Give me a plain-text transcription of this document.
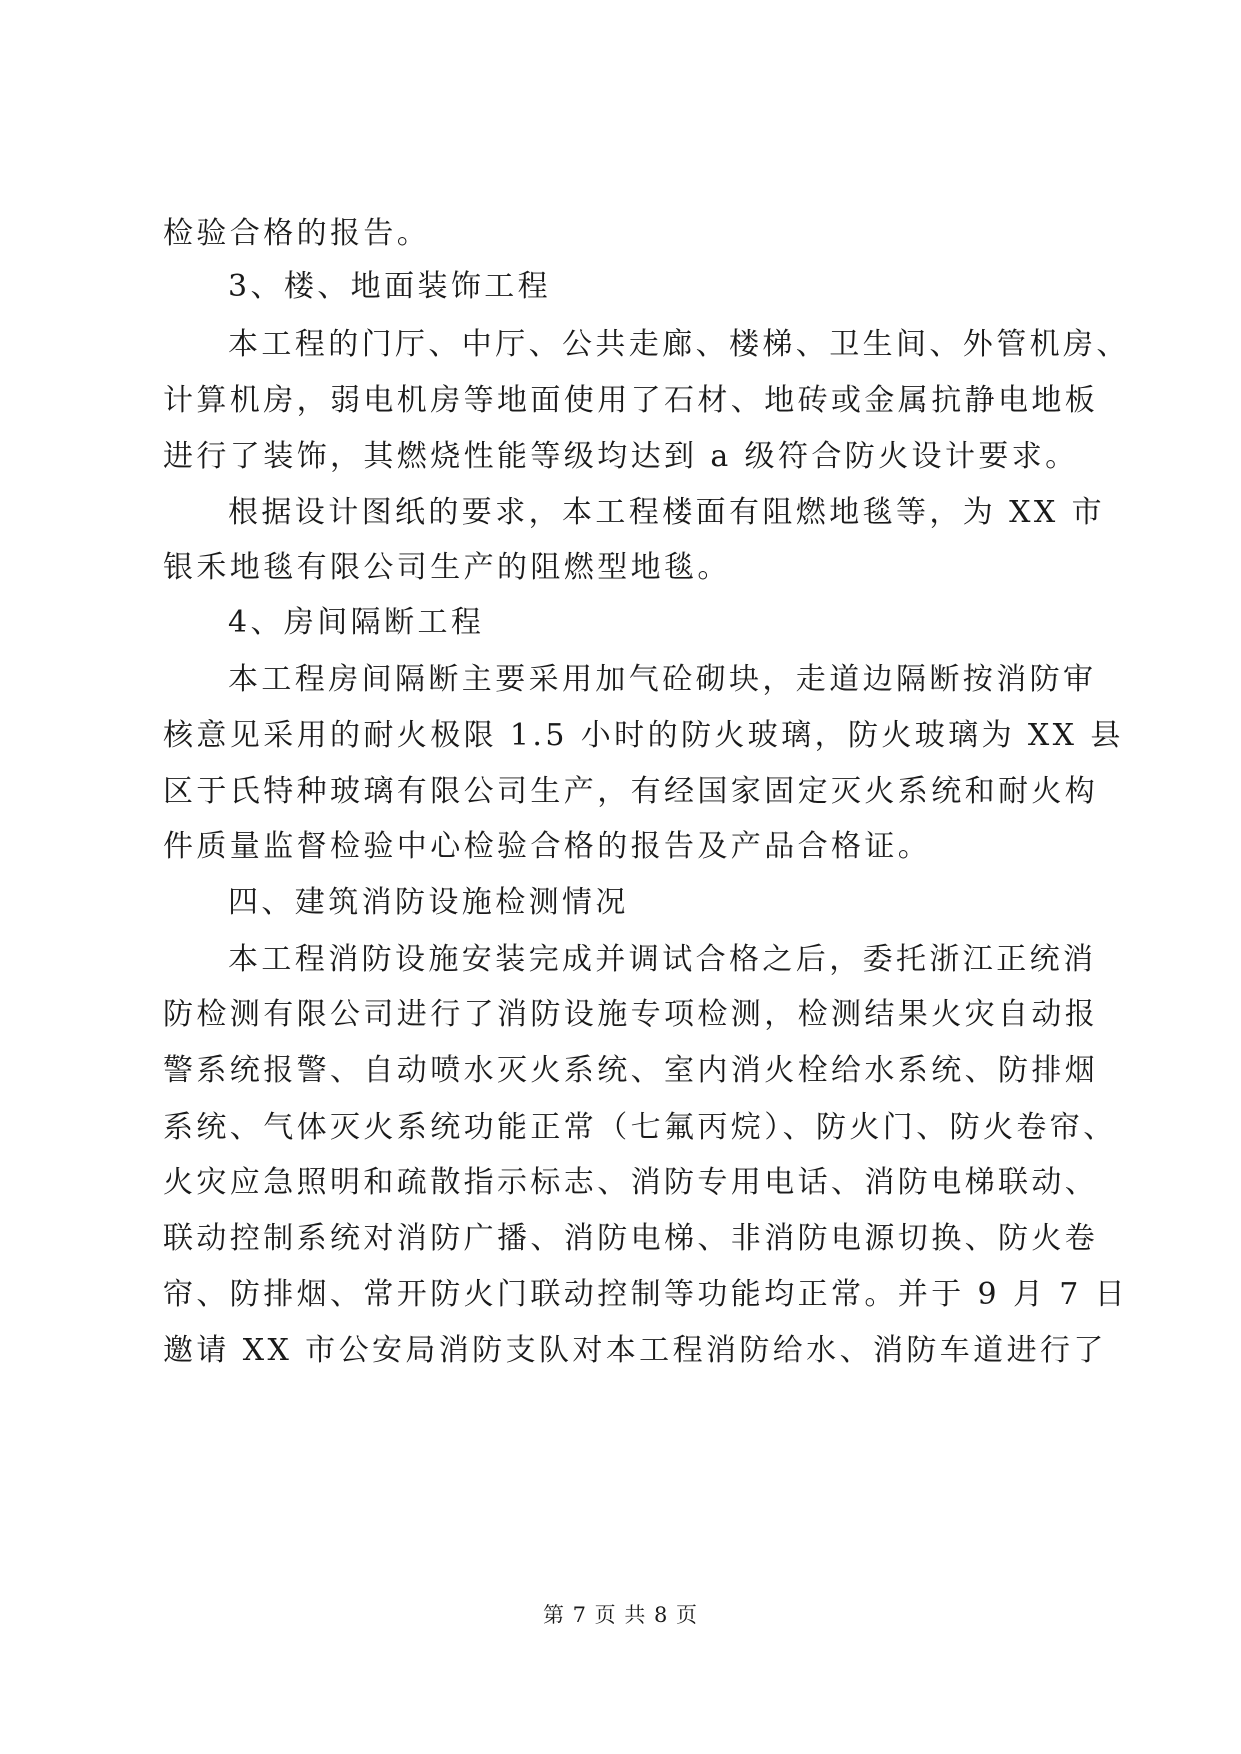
检验合格的报告。
3、楼、地面装饰工程
本工程的门厅、中厅、公共走廊、楼梯、卫生间、外管机房、
计算机房，弱电机房等地面使用了石材、地砖或金属抗静电地板
进行了装饰，其燃烧性能等级均达到 a 级符合防火设计要求。
根据设计图纸的要求，本工程楼面有阻燃地毯等，为 XX 市
银禾地毯有限公司生产的阻燃型地毯。
4、房间隔断工程
本工程房间隔断主要采用加气砼砌块，走道边隔断按消防审
核意见采用的耐火极限 1.5 小时的防火玻璃，防火玻璃为 XX 县
区于氏特种玻璃有限公司生产，有经国家固定灭火系统和耐火构
件质量监督检验中心检验合格的报告及产品合格证。
四、建筑消防设施检测情况
本工程消防设施安装完成并调试合格之后，委托浙江正统消
防检测有限公司进行了消防设施专项检测，检测结果火灾自动报
警系统报警、自动喷水灭火系统、室内消火栓给水系统、防排烟
系统、气体灭火系统功能正常（七氟丙烷）、防火门、防火卷帘、
火灾应急照明和疏散指示标志、消防专用电话、消防电梯联动、
联动控制系统对消防广播、消防电梯、非消防电源切换、防火卷
帘、防排烟、常开防火门联动控制等功能均正常。并于 9 月 7 日
邀请 XX 市公安局消防支队对本工程消防给水、消防车道进行了
第 7 页 共 8 页
